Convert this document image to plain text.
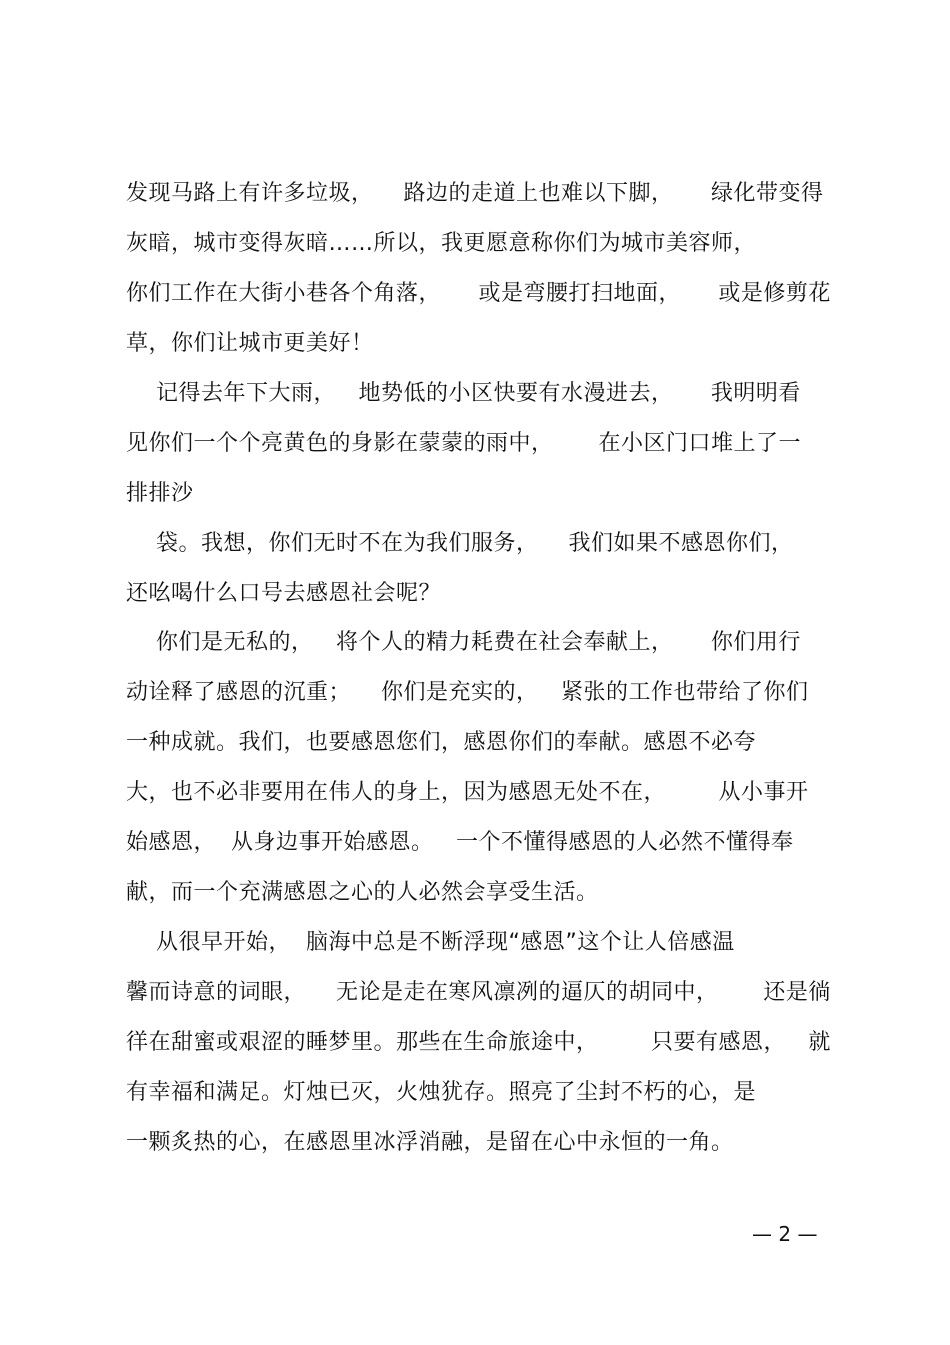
发现马路上有许多垃圾，    路边的走道上也难以下脚，     绿化带变得
灰暗，城市变得灰暗……所以，我更愿意称你们为城市美容师，
你们工作在大街小巷各个角落，     或是弯腰打扫地面，     或是修剪花
草，你们让城市更美好！
记得去年下大雨，   地势低的小区快要有水漫进去，     我明明看
见你们一个个亮黄色的身影在蒙蒙的雨中，      在小区门口堆上了一
排排沙
袋。我想，你们无时不在为我们服务，    我们如果不感恩你们，
还吆喝什么口号去感恩社会呢？
你们是无私的，   将个人的精力耗费在社会奉献上，     你们用行
动诠释了感恩的沉重；    你们是充实的，   紧张的工作也带给了你们
一种成就。我们，也要感恩您们，感恩你们的奉献。感恩不必夸
大，也不必非要用在伟人的身上，因为感恩无处不在，       从小事开
始感恩，  从身边事开始感恩。   一个不懂得感恩的人必然不懂得奉
献，而一个充满感恩之心的人必然会享受生活。
从很早开始，  脑海中总是不断浮现“感恩”这个让人倍感温
馨而诗意的词眼，    无论是走在寒风凛冽的逼仄的胡同中，      还是徜
徉在甜蜜或艰涩的睡梦里。那些在生命旅途中，       只要有感恩，   就
有幸福和满足。灯烛已灭，火烛犹存。照亮了尘封不朽的心，是
一颗炙热的心，在感恩里冰浮消融，是留在心中永恒的一角。
— 2 —
